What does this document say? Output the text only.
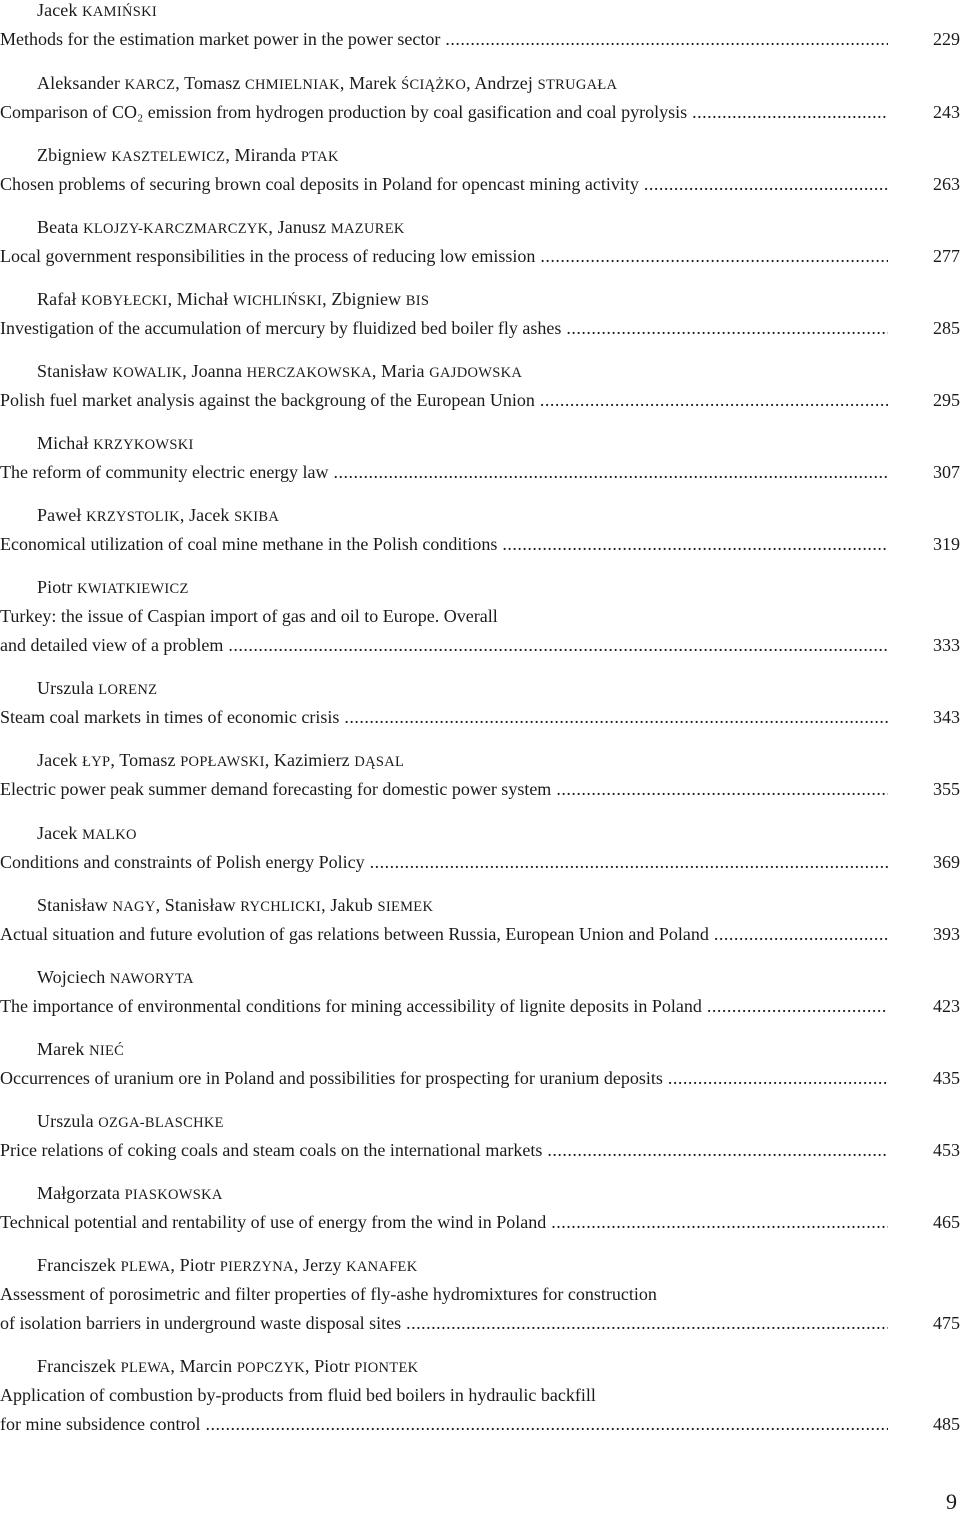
Jacek KAMIŃSKI
Methods for the estimation market power in the power sector .....	229
Aleksander KARCZ, Tomasz CHMIELNIAK, Marek ŚCIĄŻKO, Andrzej STRUGAŁA
Comparison of CO₂ emission from hydrogen production by coal gasification and coal pyrolysis .....	243
Zbigniew KASZTELEWICZ, Miranda PTAK
Chosen problems of securing brown coal deposits in Poland for opencast mining activity .....	263
Beata KLOJZY-KARCZMARCZYK, Janusz MAZUREK
Local government responsibilities in the process of reducing low emission .....	277
Rafał KOBYŁECKI, Michał WICHLIŃSKI, Zbigniew BIS
Investigation of the accumulation of mercury by fluidized bed boiler fly ashes .....	285
Stanisław KOWALIK, Joanna HERCZAKOWSKA, Maria GAJDOWSKA
Polish fuel market analysis against the backgroung of the European Union .....	295
Michał KRZYKOWSKI
The reform of community electric energy law .....	307
Paweł KRZYSTOLIK, Jacek SKIBA
Economical utilization of coal mine methane in the Polish conditions .....	319
Piotr KWIATKIEWICZ
Turkey: the issue of Caspian import of gas and oil to Europe. Overall
and detailed view of a problem .....	333
Urszula LORENZ
Steam coal markets in times of economic crisis .....	343
Jacek ŁYP, Tomasz POPŁAWSKI, Kazimierz DĄSAL
Electric power peak summer demand forecasting for domestic power system .....	355
Jacek MALKO
Conditions and constraints of Polish energy Policy .....	369
Stanisław NAGY, Stanisław RYCHLICKI, Jakub SIEMEK
Actual situation and future evolution of gas relations between Russia, European Union and Poland .....	393
Wojciech NAWORYTA
The importance of environmental conditions for mining accessibility of lignite deposits in Poland .....	423
Marek NIEĆ
Occurrences of uranium ore in Poland and possibilities for prospecting for uranium deposits .....	435
Urszula OZGA-BLASCHKE
Price relations of coking coals and steam coals on the international markets .....	453
Małgorzata PIASKOWSKA
Technical potential and rentability of use of energy from the wind in Poland .....	465
Franciszek PLEWA, Piotr PIERZYNA, Jerzy KANAFEK
Assessment of porosimetric and filter properties of fly-ashe hydromixtures for construction
of isolation barriers in underground waste disposal sites .....	475
Franciszek PLEWA, Marcin POPCZYK, Piotr PIONTEK
Application of combustion by-products from fluid bed boilers in hydraulic backfill
for mine subsidence control .....	485
9
